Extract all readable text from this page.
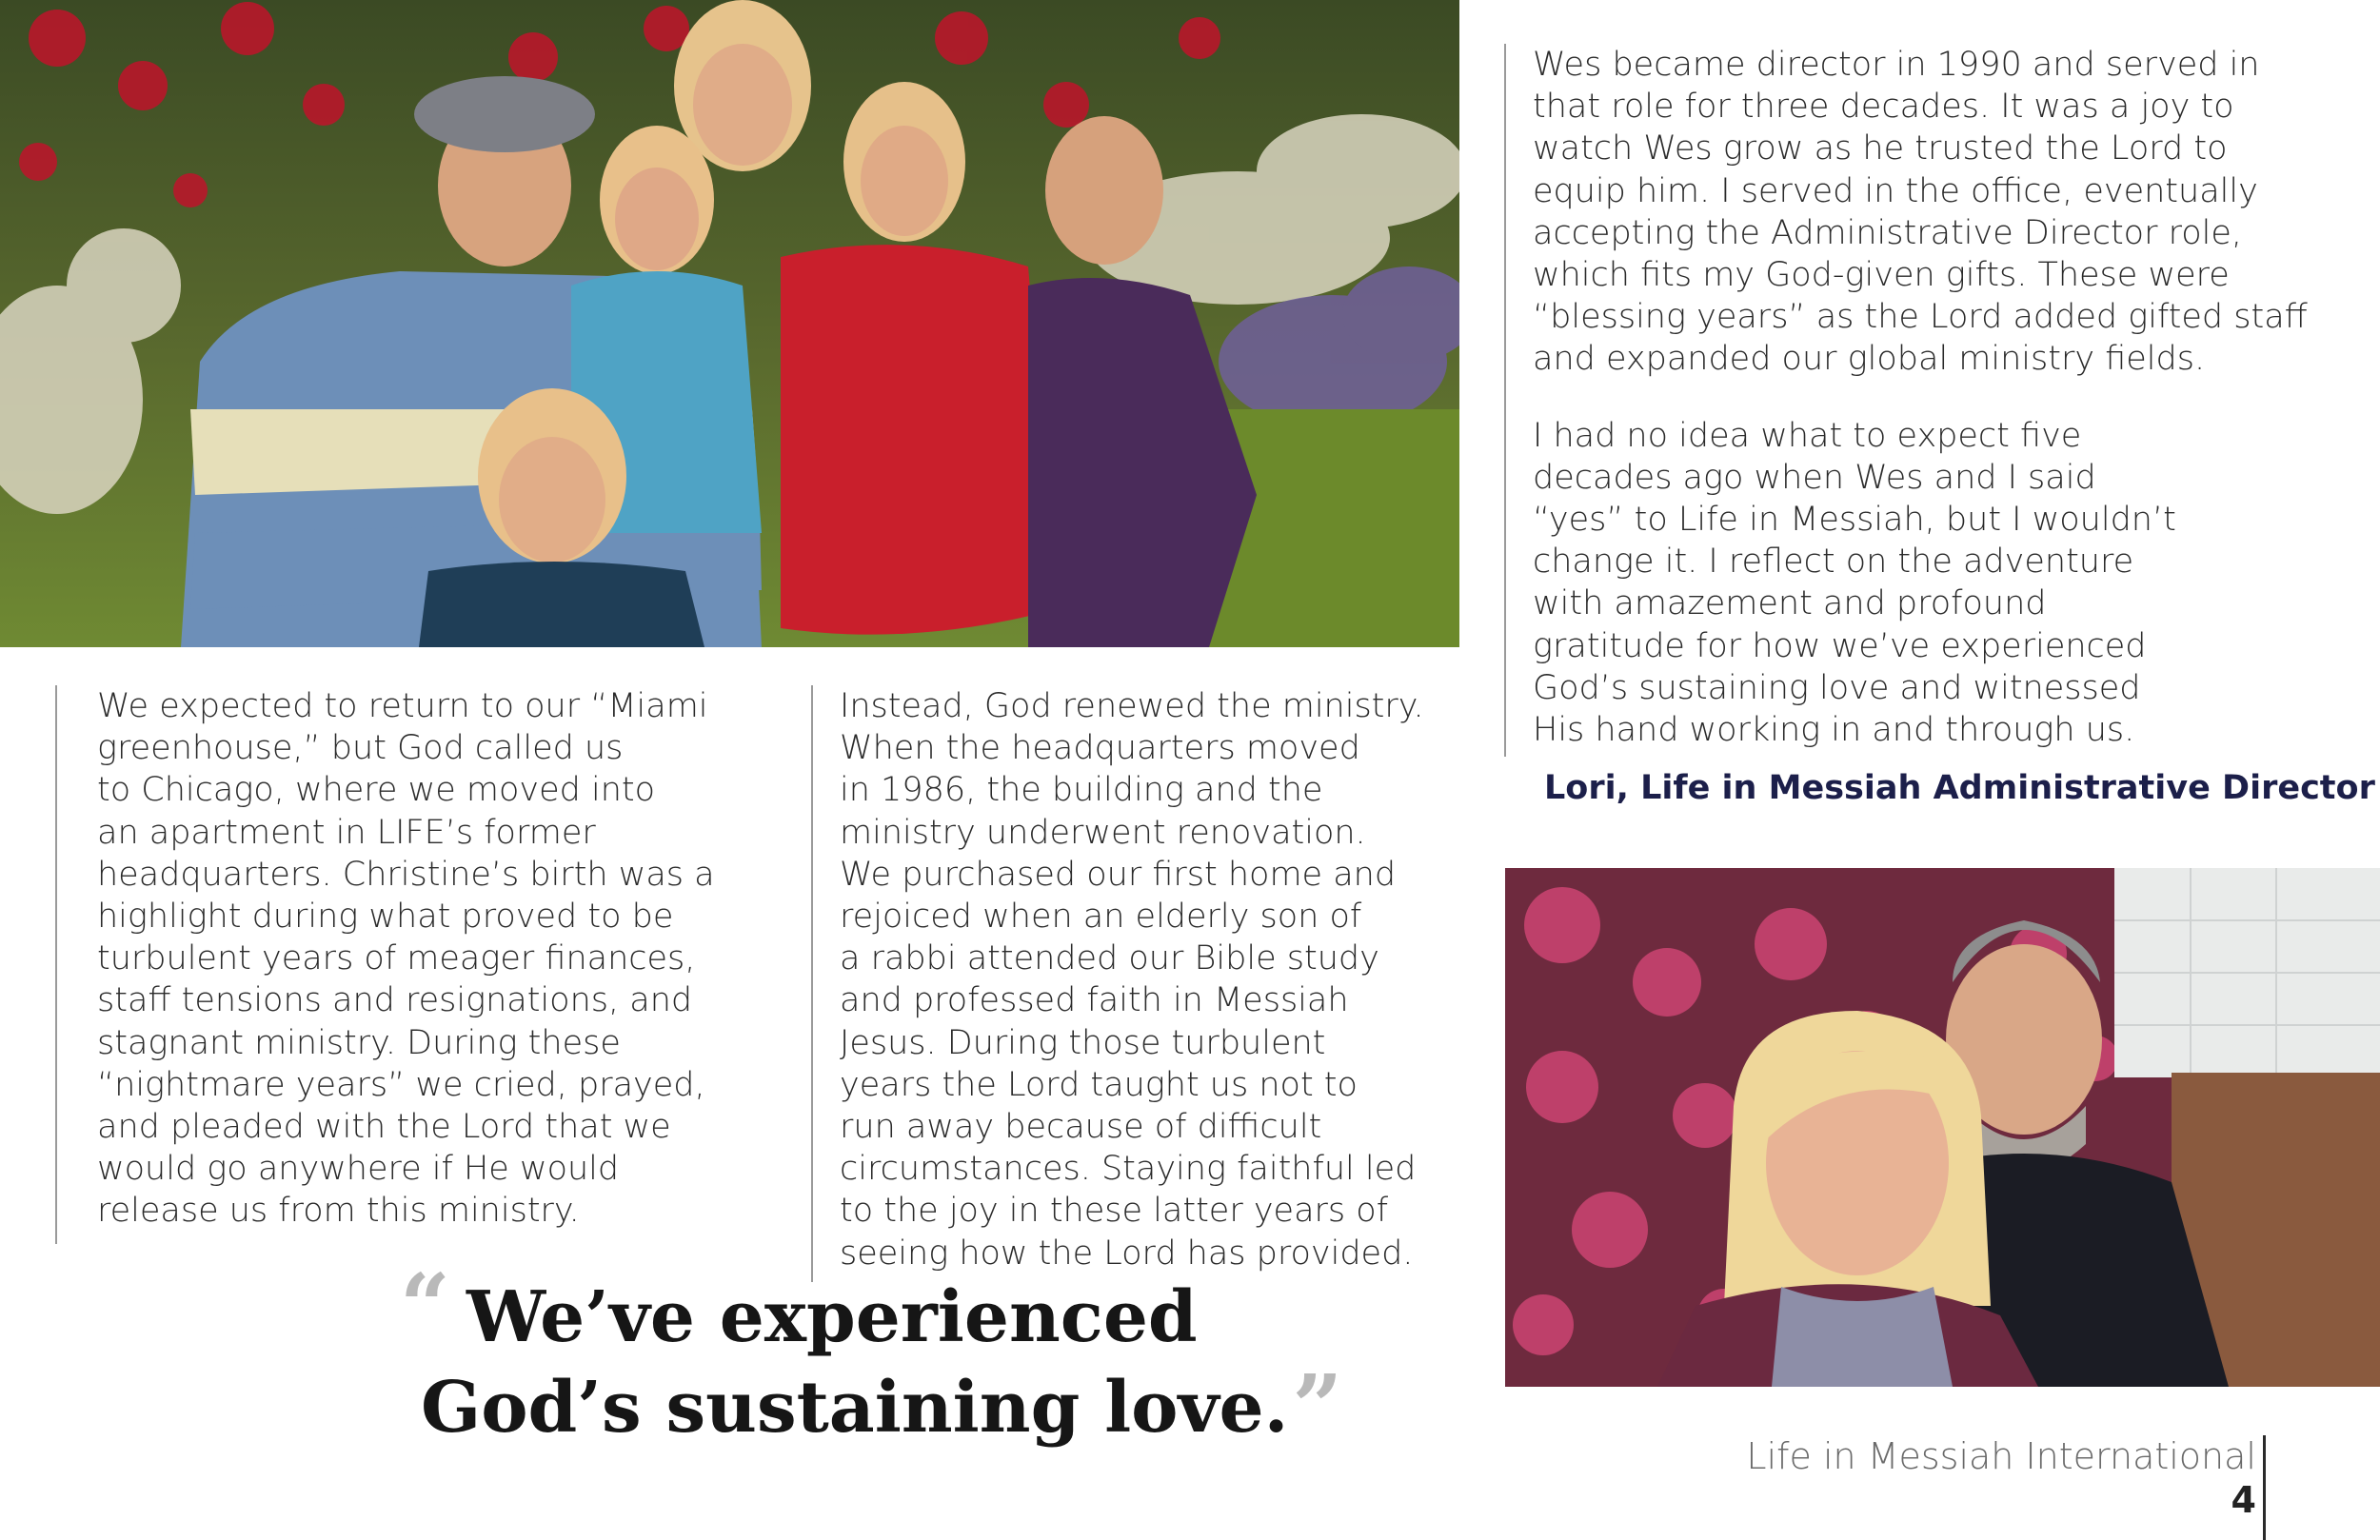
We expected to return to our “Miami
greenhouse,” but God called us
to Chicago, where we moved into
an apartment in LIFE’s former
headquarters. Christine’s birth was a
highlight during what proved to be
turbulent years of meager finances,
staff tensions and resignations, and
stagnant ministry. During these
“nightmare years” we cried, prayed,
and pleaded with the Lord that we
would go anywhere if He would
release us from this ministry.
Instead, God renewed the ministry.
When the headquarters moved
in 1986, the building and the
ministry underwent renovation.
We purchased our first home and
rejoiced when an elderly son of
a rabbi attended our Bible study
and professed faith in Messiah
Jesus. During those turbulent
years the Lord taught us not to
run away because of difficult
circumstances. Staying faithful led
to the joy in these latter years of
seeing how the Lord has provided.
Wes became director in 1990 and served in
that role for three decades. It was a joy to
watch Wes grow as he trusted the Lord to
equip him. I served in the office, eventually
accepting the Administrative Director role,
which fits my God-given gifts. These were
“blessing years” as the Lord added gifted staff
and expanded our global ministry fields.
I had no idea what to expect five
decades ago when Wes and I said
“yes” to Life in Messiah, but I wouldn’t
change it. I reflect on the adventure
with amazement and profound
gratitude for how we’ve experienced
God’s sustaining love and witnessed
His hand working in and through us.
Lori, Life in Messiah Administrative Director
“ We’ve experienced
God’s sustaining love.”	Life in Messiah International
4
